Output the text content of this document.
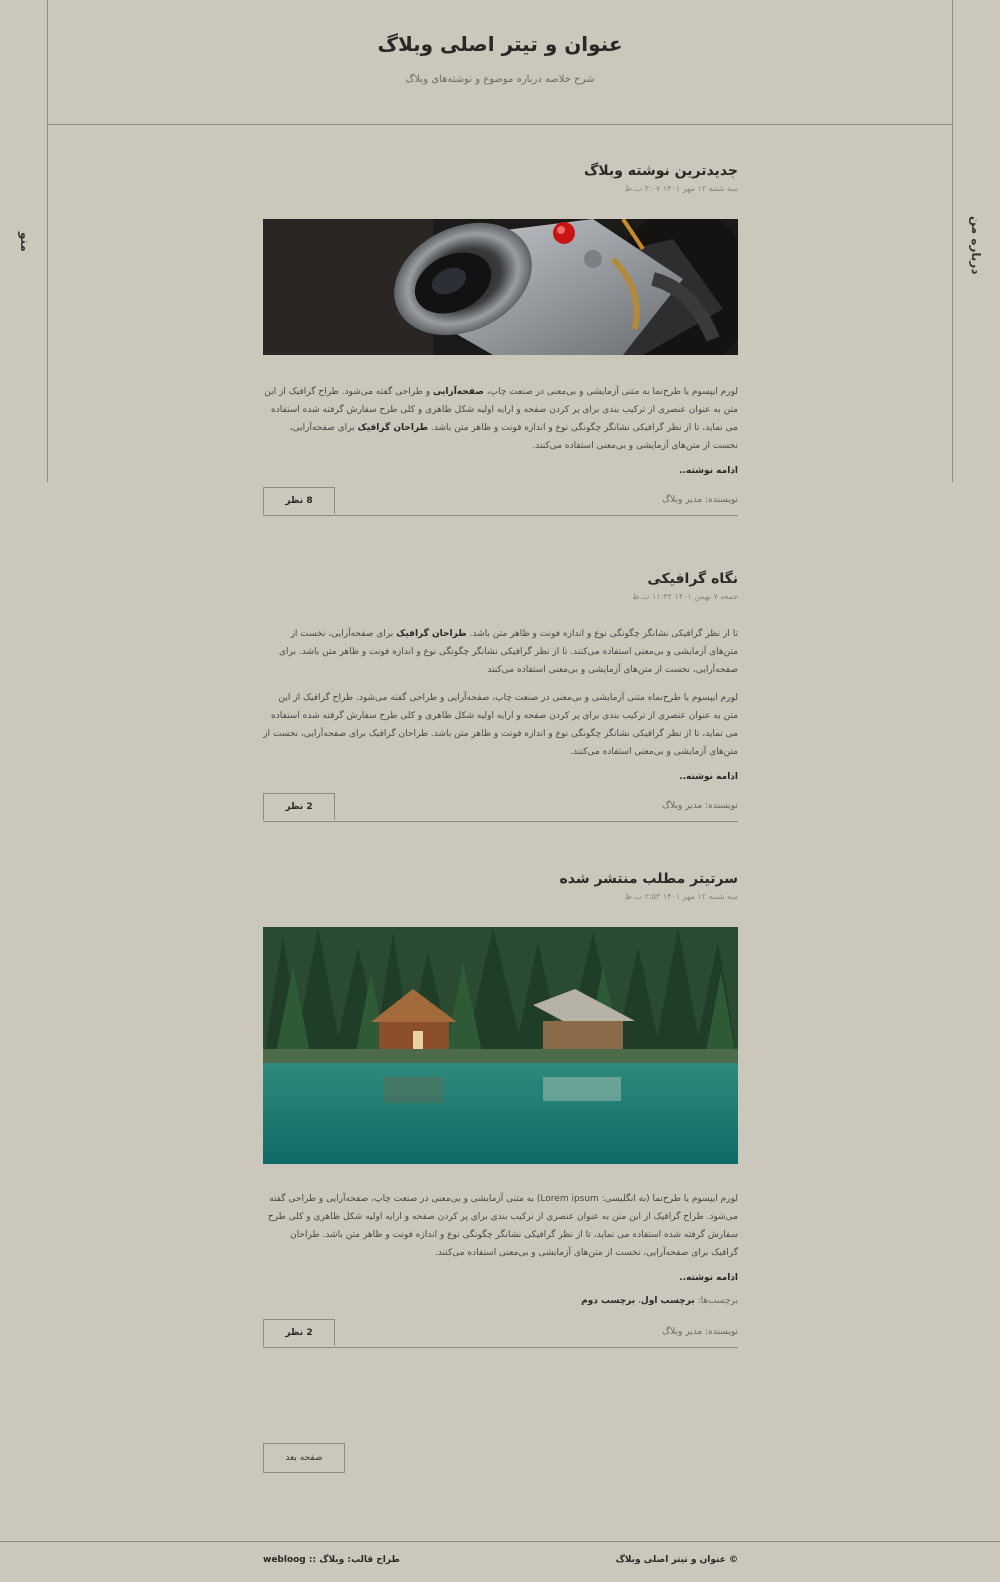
منو	درباره من
عنوان و تیتر اصلی وبلاگ
شرح خلاصه درباره موضوع و نوشته‌های وبلاگ
جدیدترین نوشته وبلاگ
سه شنبه ۱۲ مهر ۱۴۰۱ ۳:۰۷ ب.ظ

لورم ایپسوم یا طرح‌نما به متنی آزمایشی و بی‌معنی در صنعت چاپ، صفحه‌آرایی و طراحی گفته می‌شود. طراح گرافیک از این متن به عنوان عنصری از ترکیب بندی برای پر کردن صفحه و ارایه اولیه شکل ظاهری و کلی طرح سفارش گرفته شده استفاده می نماید، تا از نظر گرافیکی نشانگر چگونگی نوع و اندازه فونت و ظاهر متن باشد. طراحان گرافیک برای صفحه‌آرایی، نخست از متن‌های آزمایشی و بی‌معنی استفاده می‌کنند.

ادامه نوشته..
نویسنده: مدیر وبلاگ
8 نظر
نگاه گرافیکی
جمعه ۷ بهمن ۱۴۰۱ ۱۱:۴۴ ب.ظ

تا از نظر گرافیکی نشانگر چگونگی نوع و اندازه فونت و ظاهر متن باشد. طراحان گرافیک برای صفحه‌آرایی، نخست از متن‌های آزمایشی و بی‌معنی استفاده می‌کنند. تا از نظر گرافیکی نشانگر چگونگی نوع و اندازه فونت و ظاهر متن باشد. برای صفحه‌آرایی، نخست از متن‌های آزمایشی و بی‌معنی استفاده می‌کنند

لورم ایپسوم یا طرح‌نماه متنی آزمایشی و بی‌معنی در صنعت چاپ، صفحه‌آرایی و طراحی گفته می‌شود. طراح گرافیک از این متن به عنوان عنصری از ترکیب بندی برای پر کردن صفحه و ارایه اولیه شکل ظاهری و کلی طرح سفارش گرفته شده استفاده می نماید، تا از نظر گرافیکی نشانگر چگونگی نوع و اندازه فونت و ظاهر متن باشد. طراحان گرافیک برای صفحه‌آرایی، نخست از متن‌های آزمایشی و بی‌معنی استفاده می‌کنند.

ادامه نوشته..
نویسنده: مدیر وبلاگ
2 نظر
سرتیتر مطلب منتشر شده
سه شنبه ۱۲ مهر ۱۴۰۱ ۲:۵۳ ب.ظ

لورم ایپسوم یا طرح‌نما (به انگلیسی: Lorem ipsum) به متنی آزمایشی و بی‌معنی در صنعت چاپ، صفحه‌آرایی و طراحی گفته می‌شود. طراح گرافیک از این متن به عنوان عنصری از ترکیب بندی برای پر کردن صفحه و ارایه اولیه شکل ظاهری و کلی طرح سفارش گرفته شده استفاده می نماید، تا از نظر گرافیکی نشانگر چگونگی نوع و اندازه فونت و ظاهر متن باشد. طراحان گرافیک برای صفحه‌آرایی، نخست از متن‌های آزمایشی و بی‌معنی استفاده می‌کنند.

ادامه نوشته..
برچسب‌ها: برچسب اول، برچسب دوم
نویسنده: مدیر وبلاگ
2 نظر
صفحه بعد
طراح قالب: وبلاگ :: webloog	© عنوان و تیتر اصلی وبلاگ
